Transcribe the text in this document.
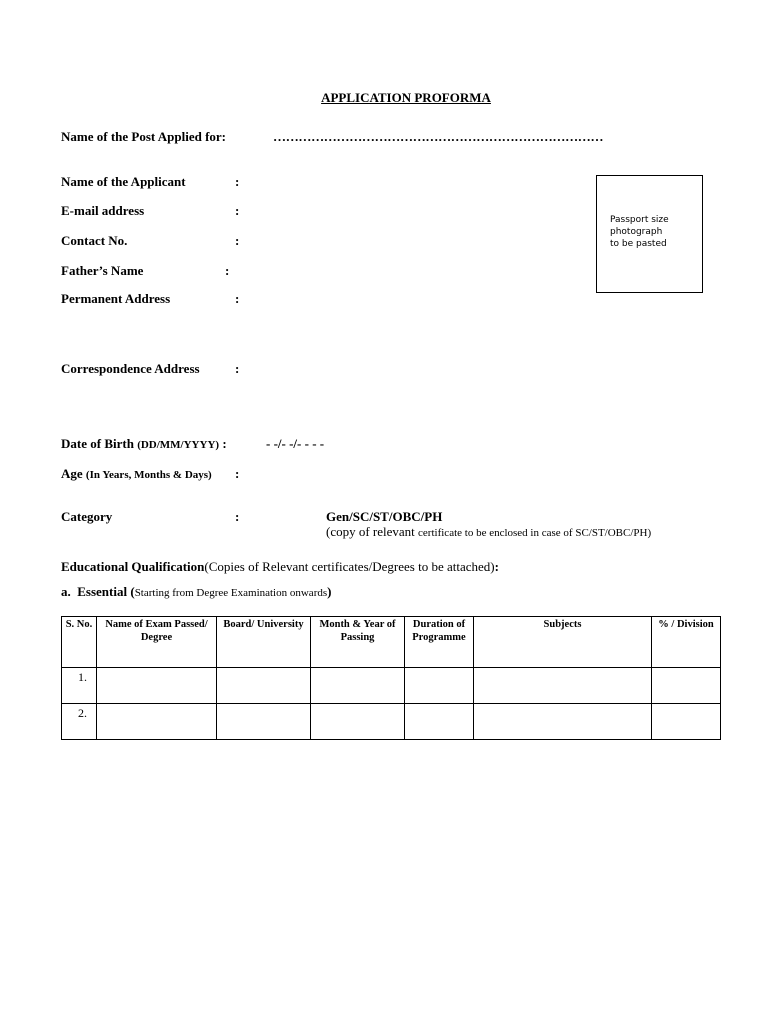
APPLICATION PROFORMA
Name of the Post Applied for:	……………………………………………………………………
Name of the Applicant	:
E-mail address	:
Contact No.	:
Father’s Name	:
Permanent Address	:
Correspondence Address	:
Passport size
photograph
to be pasted
Date of Birth (DD/MM/YYYY) :	- -/- -/- - - -
Age (In Years, Months & Days) :
Category	:	Gen/SC/ST/OBC/PH
(copy of relevant certificate to be enclosed in case of SC/ST/OBC/PH)
Educational Qualification(Copies of Relevant certificates/Degrees to be attached):
a. Essential (Starting from Degree Examination onwards)
S. No.	Name of Exam Passed/ Degree	Board/ University	Month & Year of Passing	Duration of Programme	Subjects	% / Division
1.						
2.						
